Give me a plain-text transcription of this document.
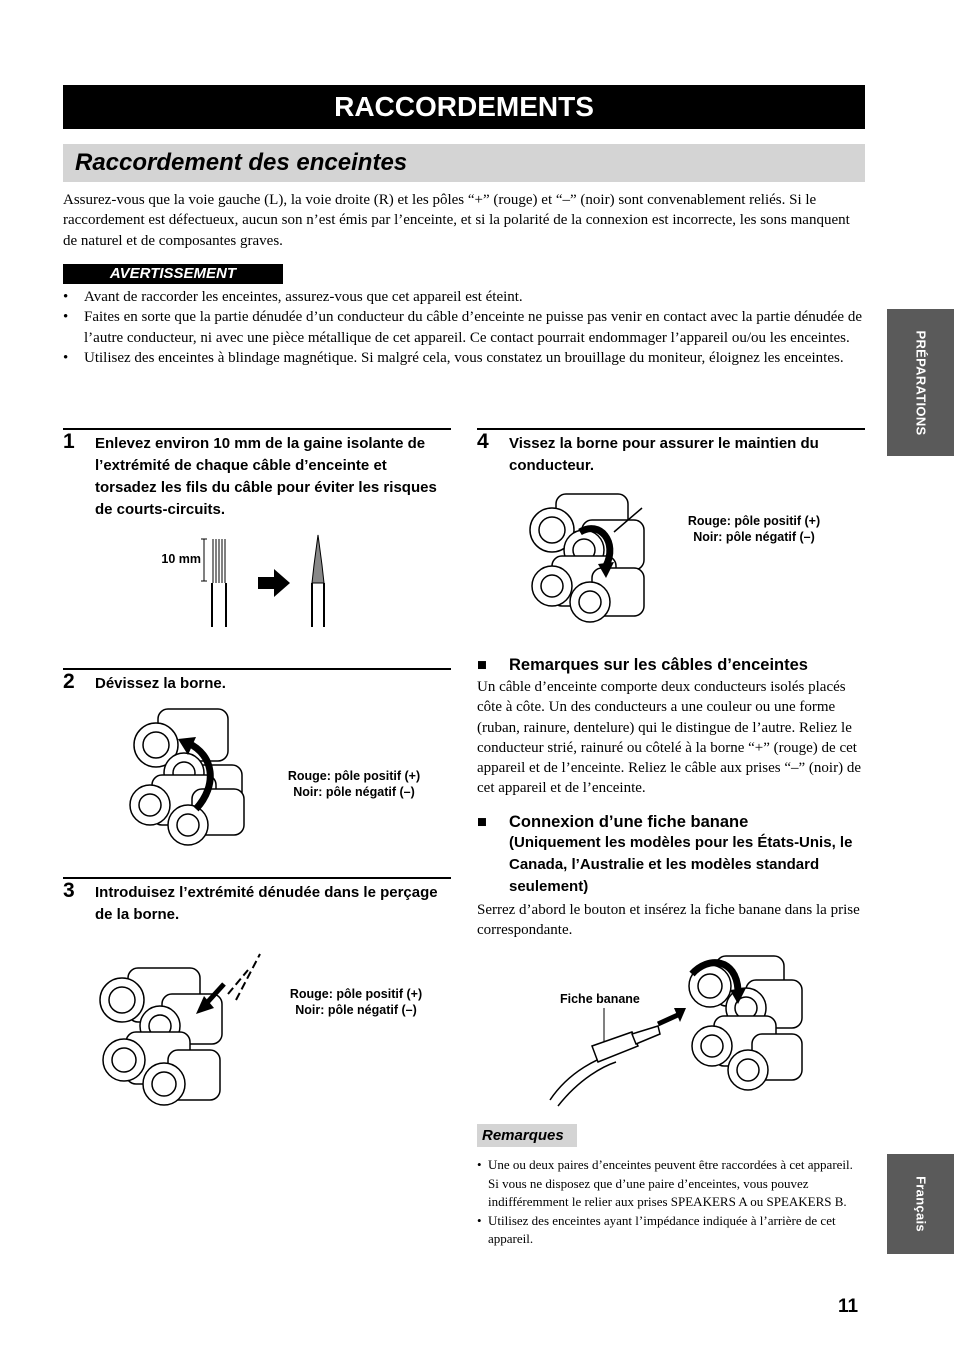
RACCORDEMENTS
Raccordement des enceintes
Assurez-vous que la voie gauche (L), la voie droite (R) et les pôles “+” (rouge) et “–” (noir) sont convenablement reliés. Si le raccordement est défectueux, aucun son n’est émis par l’enceinte, et si la polarité de la connexion est incorrecte, les sons manquent de naturel et de composantes graves.
AVERTISSEMENT
• Avant de raccorder les enceintes, assurez-vous que cet appareil est éteint.
• Faites en sorte que la partie dénudée d’un conducteur du câble d’enceinte ne puisse pas venir en contact avec la partie dénudée de l’autre conducteur, ni avec une pièce métallique de cet appareil. Ce contact pourrait endommager l’appareil ou/ou les enceintes.
• Utilisez des enceintes à blindage magnétique. Si malgré cela, vous constatez un brouillage du moniteur, éloignez les enceintes.
1 Enlevez environ 10 mm de la gaine isolante de l’extrémité de chaque câble d’enceinte et torsadez les fils du câble pour éviter les risques de courts-circuits.
10 mm
2 Dévissez la borne.
Rouge: pôle positif (+)
Noir: pôle négatif (–)
3 Introduisez l’extrémité dénudée dans le perçage de la borne.
Rouge: pôle positif (+)
Noir: pôle négatif (–)
4 Vissez la borne pour assurer le maintien du conducteur.
Rouge: pôle positif (+)
Noir: pôle négatif (–)
■ Remarques sur les câbles d’enceintes
Un câble d’enceinte comporte deux conducteurs isolés placés côte à côte. Un des conducteurs a une couleur ou une forme (ruban, rainure, dentelure) qui le distingue de l’autre. Reliez le conducteur strié, rainuré ou côtelé à la borne “+” (rouge) de cet appareil et de l’enceinte. Reliez le câble aux prises “–” (noir) de cet appareil et de l’enceinte.
■ Connexion d’une fiche banane
(Uniquement les modèles pour les États-Unis, le Canada, l’Australie et les modèles standard seulement)
Serrez d’abord le bouton et insérez la fiche banane dans la prise correspondante.
Fiche banane
Remarques
• Une ou deux paires d’enceintes peuvent être raccordées à cet appareil. Si vous ne disposez que d’une paire d’enceintes, vous pouvez indifféremment le relier aux prises SPEAKERS A ou SPEAKERS B.
• Utilisez des enceintes ayant l’impédance indiquée à l’arrière de cet appareil.
PRÉPARATIONS
Français
11
